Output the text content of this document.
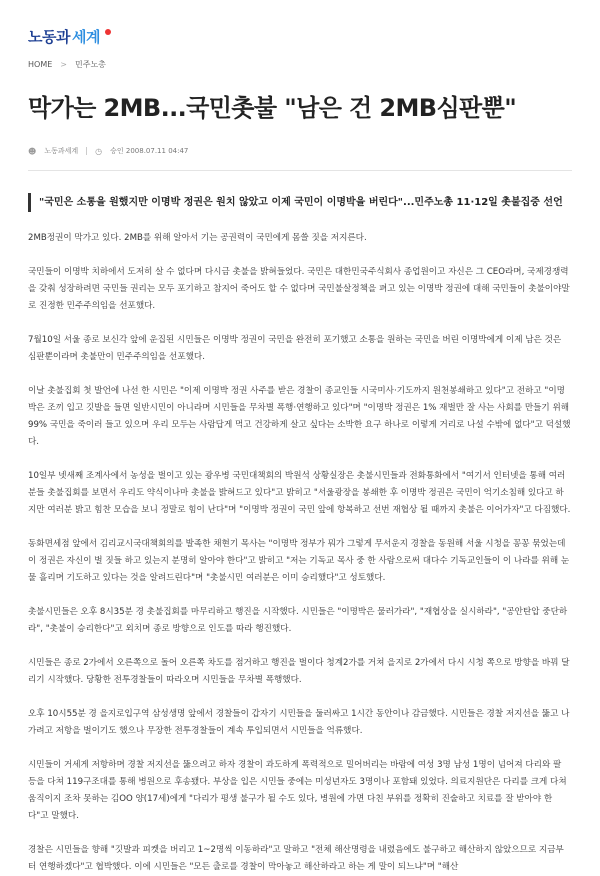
노동과 세계
HOME > 민주노총
막가는 2MB...국민촛불 "남은 건 2MB심판뿐"
☻ 노동과세계 ◷ 승인 2008.07.11 04:47
"국민은 소통을 원했지만 이명박 정권은 원치 않았고 이제 국민이 이명박을 버린다"...민주노총 11·12일 촛불집중 선언

2MB정권이 막가고 있다. 2MB를 위해 알아서 기는 공권력이 국민에게 몸쓸 짓을 저지른다.

국민들이 이명박 치하에서 도저히 살 수 없다며 다시금 촛불을 밝혀들었다. 국민은 대한민국주식회사 종업원이고 자신은 그 CEO라며, 국제경쟁력을 갖춰 성장하려면 국민들 권리는 모두 포기하고 참지어 죽어도 할 수 없다며 국민불살정책을 펴고 있는 이명박 정권에 대해 국민들이 촛불이야말로 진정한 민주주의임을 선포했다.

7월10일 서울 종로 보신각 앞에 운집된 시민들은 이명박 정권이 국민을 완전히 포기했고 소통을 원하는 국민을 버린 이명박에게 이제 남은 것은 심판뿐이라며 촛불만이 민주주의임을 선포했다.

이날 촛불집회 첫 발언에 나선 한 시민은 "이제 이명박 정권 사주를 받은 경찰이 종교인들 시국미사·기도까지 원천봉쇄하고 있다"고 전하고 "이명박은 조끼 입고 깃발을 들면 일반시민이 아니라며 시민들을 무차별 폭행·연행하고 있다"며 "이명박 정권은 1% 재벌만 잘 사는 사회를 만들기 위해 99% 국민을 죽이러 들고 있으며 우리 모두는 사람답게 먹고 건강하게 살고 싶다는 소박한 요구 하나로 이렇게 거리로 나설 수밖에 없다"고 덕설했다.

10일부 넷새째 조계사에서 농성을 벌이고 있는 광우병 국민대책회의 박원석 상황실장은 촛불시민들과 전화통화에서 "여기서 인터넷을 통해 여러분들 촛불집회를 보면서 우리도 약식이나마 촛불을 밝혀드고 있다"고 밝히고 "서울광장을 봉쇄한 후 이명박 정권은 국민이 억기소침해 있다고 하지만 여러분 밝고 힘찬 모습을 보니 정말로 힘이 난다"며 "이명박 정권이 국민 앞에 항복하고 선번 재협상 될 때까지 촛불은 이어가자"고 다짐했다.

동화면세점 앞에서 김리교시국대책회의를 발족한 채현기 목사는 "이명박 정부가 뭐가 그렇게 무서운지 경찰을 동원해 서울 시청을 꽁꽁 묶었는데 이 정권은 자신이 벌 짓들 하고 있는지 분명히 알아야 한다"고 밝히고 "저는 기독교 목사 중 한 사람으로써 대다수 기독교인들이 이 나라를 위해 눈물 흘리며 기도하고 있다는 것을 알려드린다"며 "촛불시민 여러분은 이미 승리했다"고 성토했다.

촛불시민들은 오후 8시35분 경 촛불집회를 마무리하고 행진을 시작했다. 시민들은 "이명박은 물러가라", "재협상을 실시하라", "공안탄압 중단하라", "촛불이 승리한다"고 외치며 종로 방향으로 인도를 따라 행진했다.

시민들은 종로 2가에서 오른쪽으로 돌어 오른쪽 차도를 점거하고 행진을 벌이다 청계2가를 거쳐 을지로 2가에서 다시 시청 쪽으로 방향을 바꿔 달리기 시작했다. 당황한 전투경찰들이 따라오며 시민들을 무차별 폭행했다.

오후 10시55분 경 을지로입구역 삼성생명 앞에서 경찰들이 갑자기 시민들을 둘러싸고 1시간 동안이나 감금했다. 시민들은 경찰 저지선을 뚫고 나가려고 저항을 벌이기도 했으나 무장한 전투경찰들이 계속 투입되면서 시민들을 억류했다.

시민들이 거세게 저항하며 경찰 저지선을 뚫으려고 하자 경찰이 과도하게 폭력적으로 밀어버리는 바람에 여성 3명 남성 1명이 넘어져 다리와 팔 등을 다쳐 119구조대를 통해 병원으로 후송됐다. 부상을 입은 시민들 중에는 미성년자도 3명이나 포함돼 있었다. 의료지원단은 다리를 크게 다쳐 움직이지 조차 못하는 김OO 양(17세)에게 "다리가 평생 불구가 될 수도 있다, 병원에 가면 다친 부위를 정확히 진술하고 치료를 잘 받아야 한다"고 말했다.

경찰은 시민들을 향해 "깃발과 피켓을 버리고 1~2명씩 이동하라"고 말하고 "전체 해산명령을 내렸음에도 불구하고 해산하지 않았으므로 지금부터 연행하겠다"고 협박했다. 이에 시민들은 "모든 출로를 경찰이 막아놓고 해산하라고 하는 게 말이 되느냐"며 "해산
